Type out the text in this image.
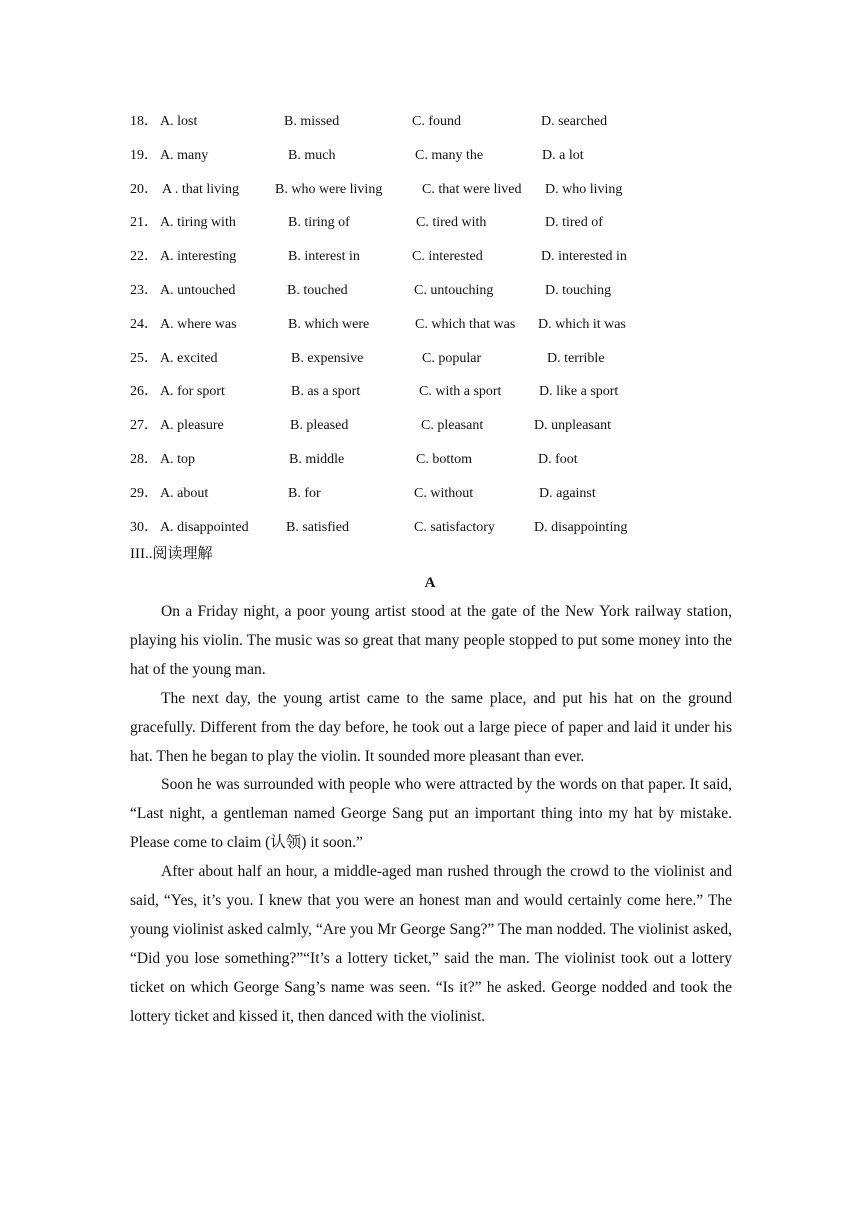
18． A. lost	B. missed	C. found	D. searched
19． A. many	B. much	C. many the	D. a lot
20． A . that living	B. who were living	C. that were lived D. who living
21． A. tiring with	B. tiring of	C. tired with	D. tired of
22． A. interesting	B. interest in	C. interested	D. interested in
23． A. untouched	B. touched	C. untouching	D. touching
24． A. where was	B. which were	C. which that was D. which it was
25． A. excited	B. expensive	C. popular	D. terrible
26． A. for sport	B. as a sport	C. with a sport	D. like a sport
27． A. pleasure	B. pleased	C. pleasant	D. unpleasant
28． A. top	B. middle	C. bottom	D. foot
29． A. about	B. for	C. without	D. against
30． A. disappointed	B. satisfied	C. satisfactory	D. disappointing
III..阅读理解
A

On a Friday night, a poor young artist stood at the gate of the New York railway station, playing his violin. The music was so great that many people stopped to put some money into the hat of the young man.

The next day, the young artist came to the same place, and put his hat on the ground gracefully. Different from the day before, he took out a large piece of paper and laid it under his hat. Then he began to play the violin. It sounded more pleasant than ever.

Soon he was surrounded with people who were attracted by the words on that paper. It said, “Last night, a gentleman named George Sang put an important thing into my hat by mistake. Please come to claim (认领) it soon.”

After about half an hour, a middle-aged man rushed through the crowd to the violinist and said, “Yes, it’s you. I knew that you were an honest man and would certainly come here.” The young violinist asked calmly, “Are you Mr George Sang?” The man nodded. The violinist asked, “Did you lose something?”“It’s a lottery ticket,” said the man. The violinist took out a lottery ticket on which George Sang’s name was seen. “Is it?” he asked. George nodded and took the lottery ticket and kissed it, then danced with the violinist.
